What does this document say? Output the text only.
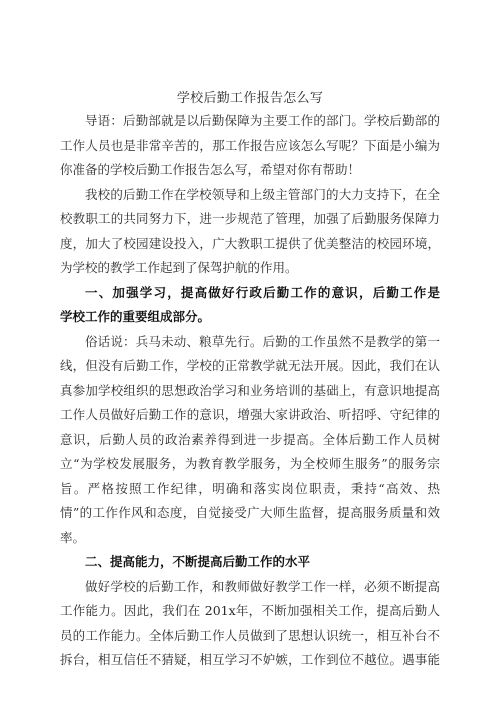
学校后勤工作报告怎么写
导语：后勤部就是以后勤保障为主要工作的部门。学校后勤部的
工作人员也是非常辛苦的，那工作报告应该怎么写呢？下面是小编为
你准备的学校后勤工作报告怎么写，希望对你有帮助！
我校的后勤工作在学校领导和上级主管部门的大力支持下，在全
校教职工的共同努力下，进一步规范了管理，加强了后勤服务保障力
度，加大了校园建设投入，广大教职工提供了优美整洁的校园环境，
为学校的教学工作起到了保驾护航的作用。
一、加强学习，提高做好行政后勤工作的意识，后勤工作是
学校工作的重要组成部分。
俗话说：兵马未动、粮草先行。后勤的工作虽然不是教学的第一
线，但没有后勤工作，学校的正常教学就无法开展。因此，我们在认
真参加学校组织的思想政治学习和业务培训的基础上，有意识地提高
工作人员做好后勤工作的意识，增强大家讲政治、听招呼、守纪律的
意识，后勤人员的政治素养得到进一步提高。全体后勤工作人员树
立“为学校发展服务，为教育教学服务，为全校师生服务”的服务宗
旨。严格按照工作纪律，明确和落实岗位职责，秉持“高效、热
情”的工作作风和态度，自觉接受广大师生监督，提高服务质量和效
率。
二、提高能力，不断提高后勤工作的水平
做好学校的后勤工作，和教师做好教学工作一样，必须不断提高
工作能力。因此，我们在 201x年，不断加强相关工作，提高后勤人
员的工作能力。全体后勤工作人员做到了思想认识统一，相互补台不
拆台，相互信任不猜疑，相互学习不妒嫉，工作到位不越位。遇事能
